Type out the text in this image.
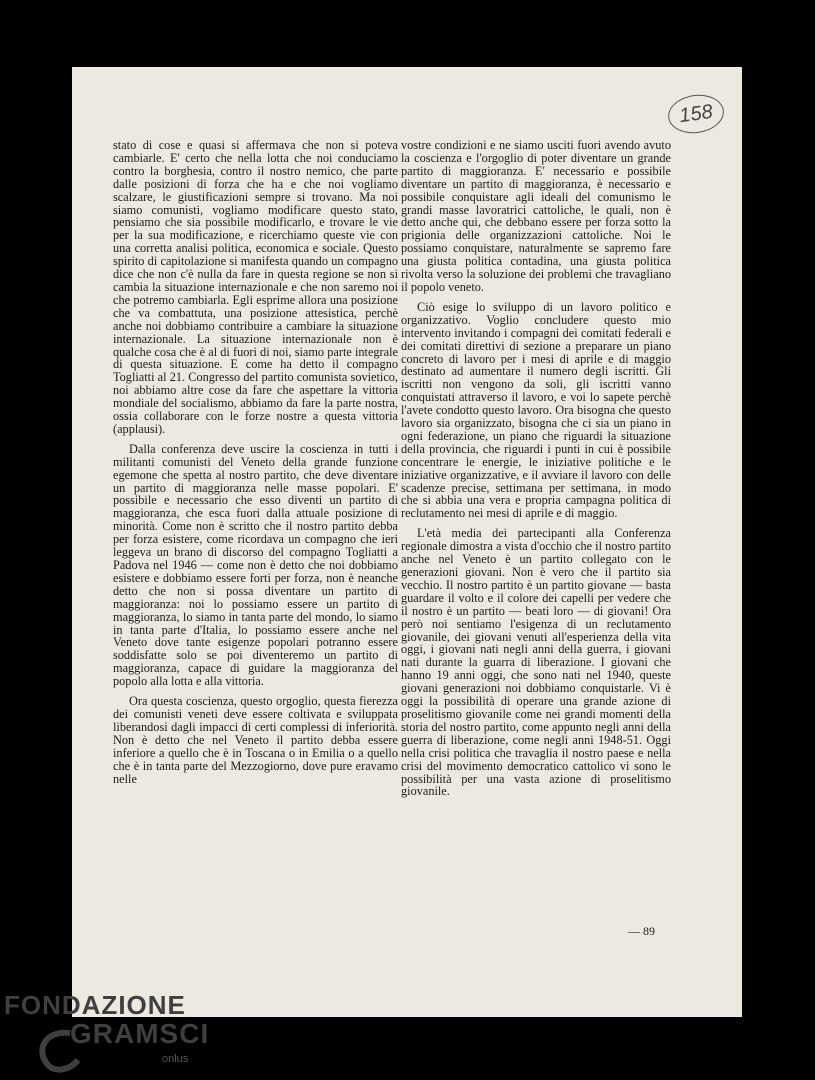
158

stato di cose e quasi si affermava che non si poteva cambiarle. E' certo che nella lotta che noi conduciamo contro la borghesia, contro il nostro nemico, che parte dalle posizioni di forza che ha e che noi vogliamo scalzare, le giustificazioni sempre si trovano. Ma noi siamo comunisti, vogliamo modificare questo stato, pensiamo che sia possibile modificarlo, e trovare le vie per la sua modificazione, e ricerchiamo queste vie con una corretta analisi politica, economica e sociale. Questo spirito di capitolazione si manifesta quando un compagno dice che non c'è nulla da fare in questa regione se non si cambia la situazione internazionale e che non saremo noi che potremo cambiarla. Egli esprime allora una posizione che va combattuta, una posizione attesistica, perchè anche noi dobbiamo contribuire a cambiare la situazione internazionale. La situazione internazionale non è qualche cosa che è al di fuori di noi, siamo parte integrale di questa situazione. E come ha detto il compagno Togliatti al 21. Congresso del partito comunista sovietico, noi abbiamo altre cose da fare che aspettare la vittoria mondiale del socialismo, abbiamo da fare la parte nostra, ossia collaborare con le forze nostre a questa vittoria (applausi).

Dalla conferenza deve uscire la coscienza in tutti i militanti comunisti del Veneto della grande funzione egemone che spetta al nostro partito, che deve diventare un partito di maggioranza nelle masse popolari. E' possibile e necessario che esso diventi un partito di maggioranza, che esca fuori dalla attuale posizione di minorità. Come non è scritto che il nostro partito debba per forza esistere, come ricordava un compagno che ieri leggeva un brano di discorso del compagno Togliatti a Padova nel 1946 — come non è detto che noi dobbiamo esistere e dobbiamo essere forti per forza, non è neanche detto che non si possa diventare un partito di maggioranza: noi lo possiamo essere un partito di maggioranza, lo siamo in tanta parte del mondo, lo siamo in tanta parte d'Italia, lo possiamo essere anche nel Veneto dove tante esigenze popolari potranno essere soddisfatte solo se poi diventeremo un partito di maggioranza, capace di guidare la maggioranza del popolo alla lotta e alla vittoria.

Ora questa coscienza, questo orgoglio, questa fierezza dei comunisti veneti deve essere coltivata e sviluppata liberandosi dagli impacci di certi complessi di inferiorità. Non è detto che nel Veneto il partito debba essere inferiore a quello che è in Toscana o in Emilia o a quello che è in tanta parte del Mezzogiorno, dove pure eravamo nelle

vostre condizioni e ne siamo usciti fuori avendo avuto la coscienza e l'orgoglio di poter diventare un grande partito di maggioranza. E' necessario e possibile diventare un partito di maggioranza, è necessario e possibile conquistare agli ideali del comunismo le grandi masse lavoratrici cattoliche, le quali, non è detto anche qui, che debbano essere per forza sotto la prigionia delle organizzazioni cattoliche. Noi le possiamo conquistare, naturalmente se sapremo fare una giusta politica contadina, una giusta politica rivolta verso la soluzione dei problemi che travagliano il popolo veneto.

Ciò esige lo sviluppo di un lavoro politico e organizzativo. Voglio concludere questo mio intervento invitando i compagni dei comitati federali e dei comitati direttivi di sezione a preparare un piano concreto di lavoro per i mesi di aprile e di maggio destinato ad aumentare il numero degli iscritti. Gli iscritti non vengono da soli, gli iscritti vanno conquistati attraverso il lavoro, e voi lo sapete perchè l'avete condotto questo lavoro. Ora bisogna che questo lavoro sia organizzato, bisogna che ci sia un piano in ogni federazione, un piano che riguardi la situazione della provincia, che riguardi i punti in cui è possibile concentrare le energie, le iniziative politiche e le iniziative organizzative, e il avviare il lavoro con delle scadenze precise, settimana per settimana, in modo che si abbia una vera e propria campagna politica di reclutamento nei mesi di aprile e di maggio.

L'età media dei partecipanti alla Conferenza regionale dimostra a vista d'occhio che il nostro partito anche nel Veneto è un partito collegato con le generazioni giovani. Non è vero che il partito sia vecchio. Il nostro partito è un partito giovane — basta guardare il volto e il colore dei capelli per vedere che il nostro è un partito — beati loro — di giovani! Ora però noi sentiamo l'esigenza di un reclutamento giovanile, dei giovani venuti all'esperienza della vita oggi, i giovani nati negli anni della guerra, i giovani nati durante la guarra di liberazione. I giovani che hanno 19 anni oggi, che sono nati nel 1940, queste giovani generazioni noi dobbiamo conquistarle. Vi è oggi la possibilità di operare una grande azione di proselitismo giovanile come nei grandi momenti della storia del nostro partito, come appunto negli anni della guerra di liberazione, come negli anni 1948-51. Oggi nella crisi politica che travaglia il nostro paese e nella crisi del movimento democratico cattolico vi sono le possibilità per una vasta azione di proselitismo giovanile.

— 89
FONDAZIONE
GRAMSCI
onlus
